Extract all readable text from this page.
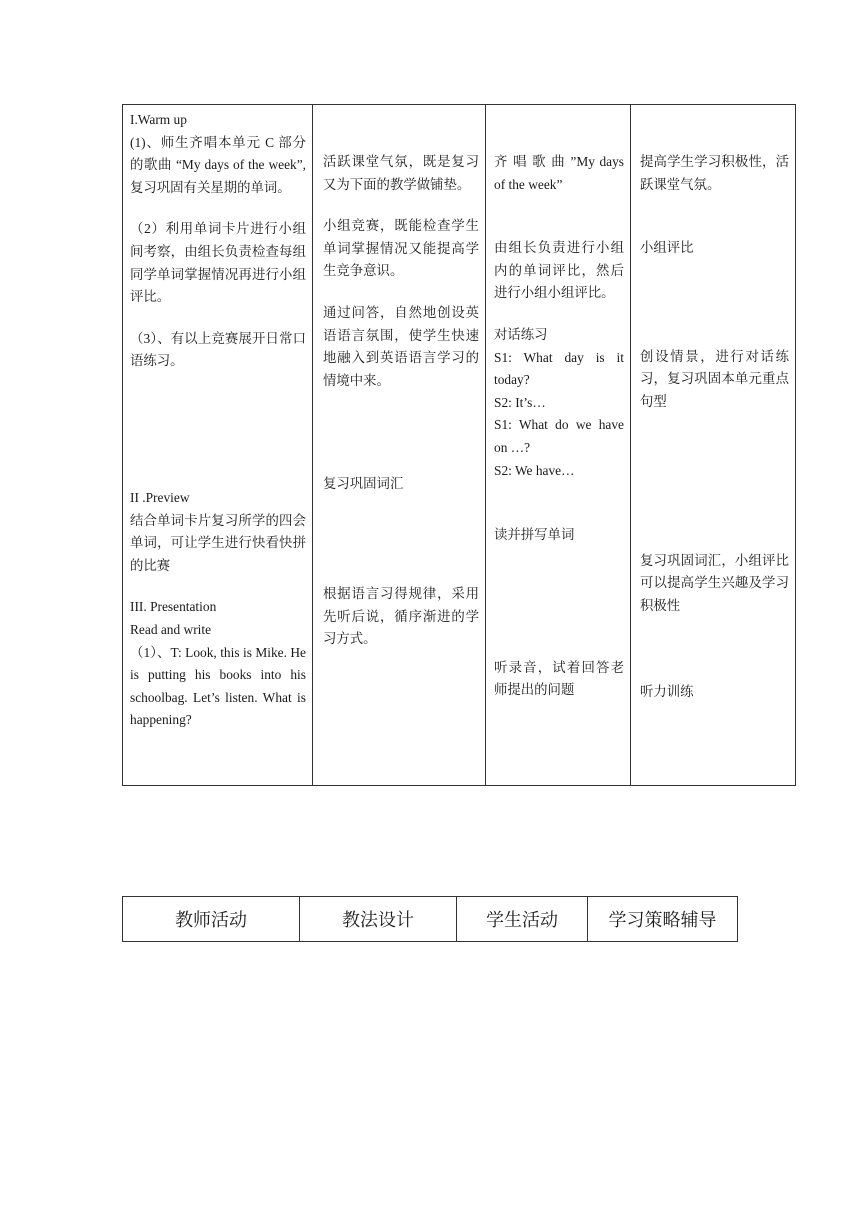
I.Warm up
(1)、师生齐唱本单元 C 部分的歌曲 “My days of the week”,复习巩固有关星期的单词。
（2）利用单词卡片进行小组间考察，由组长负责检查每组同学单词掌握情况再进行小组评比。
（3）、有以上竞赛展开日常口语练习。
II .Preview
结合单词卡片复习所学的四会单词，可让学生进行快看快拼的比赛
III. Presentation
Read and write
（1）、T: Look, this is Mike. He is putting his books into his schoolbag. Let’s listen. What is happening?

活跃课堂气氛，既是复习又为下面的教学做铺垫。
小组竞赛，既能检查学生单词掌握情况又能提高学生竞争意识。
通过问答，自然地创设英语语言氛围，使学生快速地融入到英语语言学习的情境中来。
复习巩固词汇
根据语言习得规律，采用先听后说，循序渐进的学习方式。

齐 唱 歌 曲 ”My days of the week”
由组长负责进行小组内的单词评比，然后进行小组小组评比。
对话练习
S1: What day is it today?
S2: It’s…
S1: What do we have on …?
S2: We have…
读并拼写单词
听录音，试着回答老师提出的问题

提高学生学习积极性，活跃课堂气氛。
小组评比
创设情景，进行对话练习，复习巩固本单元重点句型
复习巩固词汇，小组评比可以提高学生兴趣及学习积极性
听力训练
教师活动	教法设计	学生活动	学习策略辅导
